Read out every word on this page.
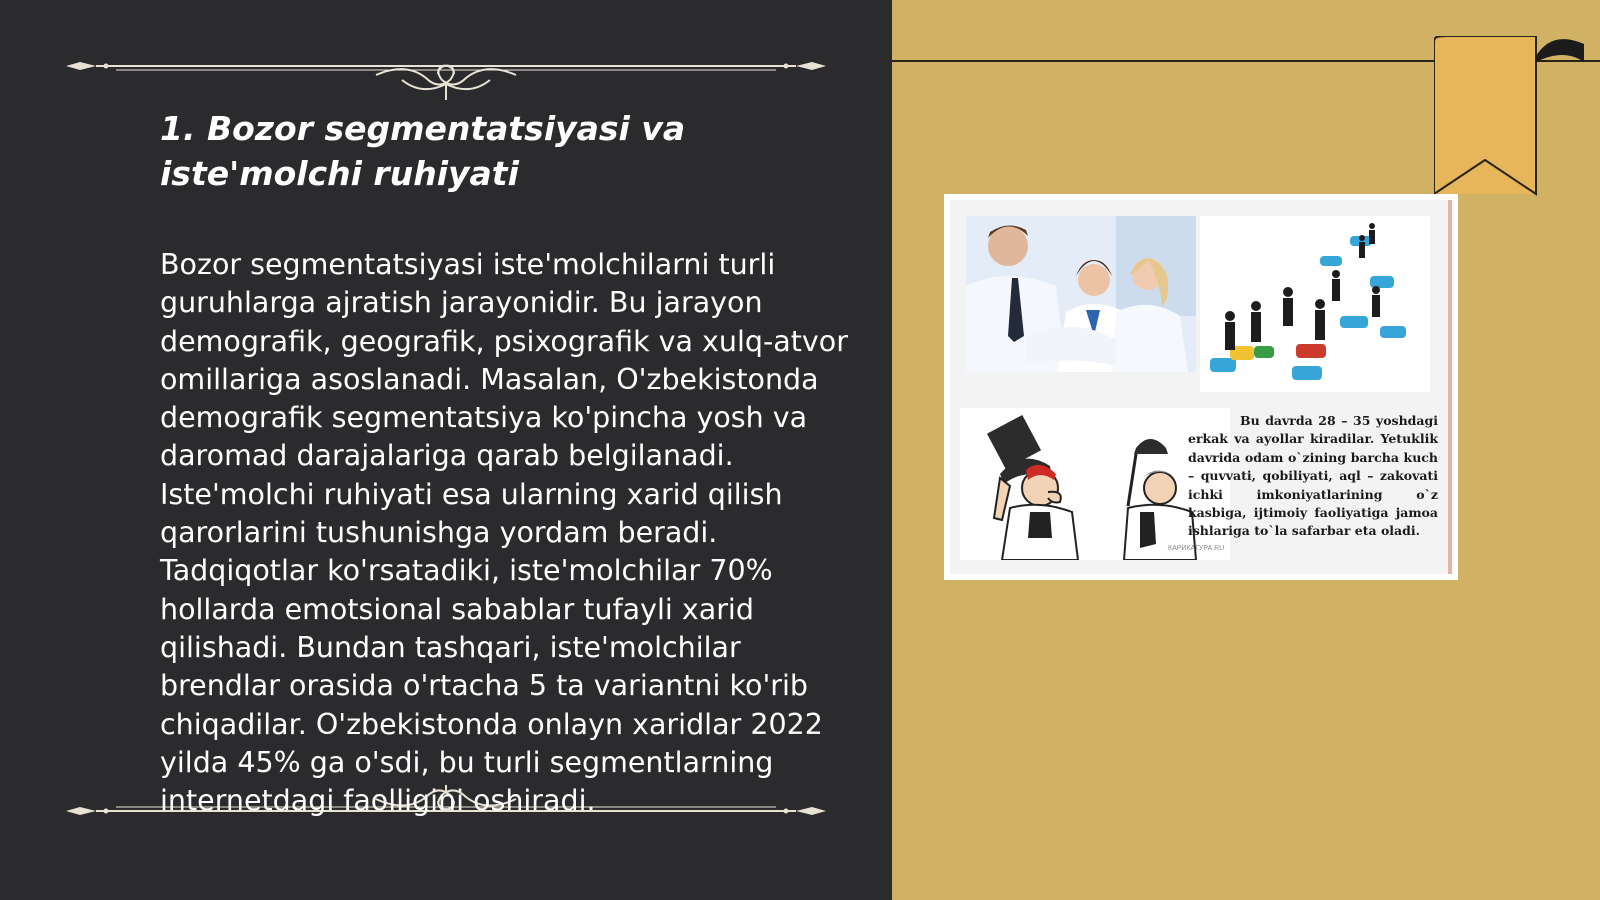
1. Bozor segmentatsiyasi va iste'molchi ruhiyati

Bozor segmentatsiyasi iste'molchilarni turli guruhlarga ajratish jarayonidir. Bu jarayon demografik, geografik, psixografik va xulq-atvor omillariga asoslanadi. Masalan, O'zbekistonda demografik segmentatsiya ko'pincha yosh va daromad darajalariga qarab belgilanadi. Iste'molchi ruhiyati esa ularning xarid qilish qarorlarini tushunishga yordam beradi. Tadqiqotlar ko'rsatadiki, iste'molchilar 70% hollarda emotsional sabablar tufayli xarid qilishadi. Bundan tashqari, iste'molchilar brendlar orasida o'rtacha 5 ta variantni ko'rib chiqadilar. O'zbekistonda onlayn xaridlar 2022 yilda 45% ga o'sdi, bu turli segmentlarning internetdagi faolligini oshiradi.

Bu davrda 28 – 35 yoshdagi erkak va ayollar kiradilar. Yetuklik davrida odam o`zining barcha kuch – quvvati, qobiliyati, aql – zakovati ichki imkoniyatlarining o`z kasbiga, ijtimoiy faoliyatiga jamoa ishlariga to`la safarbar eta oladi.

КАРИКАТУРА.RU
